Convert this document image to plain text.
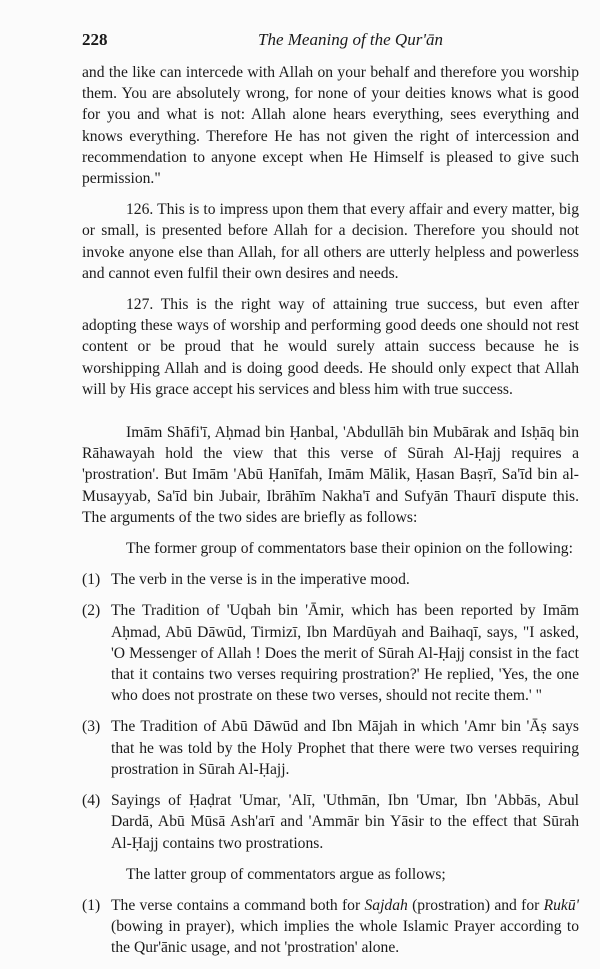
228	The Meaning of the Qur'ān

and the like can intercede with Allah on your behalf and therefore you worship them. You are absolutely wrong, for none of your deities knows what is good for you and what is not: Allah alone hears everything, sees everything and knows everything. Therefore He has not given the right of intercession and recommendation to anyone except when He Himself is pleased to give such permission."

126. This is to impress upon them that every affair and every matter, big or small, is presented before Allah for a decision. Therefore you should not invoke anyone else than Allah, for all others are utterly helpless and powerless and cannot even fulfil their own desires and needs.

127. This is the right way of attaining true success, but even after adopting these ways of worship and performing good deeds one should not rest content or be proud that he would surely attain success because he is worshipping Allah and is doing good deeds. He should only expect that Allah will by His grace accept his services and bless him with true success.

Imām Shāfi'ī, Aḥmad bin Ḥanbal, 'Abdullāh bin Mubārak and Isḥāq bin Rāhawayah hold the view that this verse of Sūrah Al-Ḥajj requires a 'prostration'. But Imām 'Abū Ḥanīfah, Imām Mālik, Ḥasan Baṣrī, Sa'īd bin al-Musayyab, Sa'īd bin Jubair, Ibrāhīm Nakha'ī and Sufyān Thaurī dispute this. The arguments of the two sides are briefly as follows:

The former group of commentators base their opinion on the following:

(1) The verb in the verse is in the imperative mood.
(2) The Tradition of 'Uqbah bin 'Āmir, which has been reported by Imām Aḥmad, Abū Dāwūd, Tirmizī, Ibn Mardūyah and Baihaqī, says, "I asked, 'O Messenger of Allah ! Does the merit of Sūrah Al-Ḥajj consist in the fact that it contains two verses requiring prostration?' He replied, 'Yes, the one who does not prostrate on these two verses, should not recite them.' "
(3) The Tradition of Abū Dāwūd and Ibn Mājah in which 'Amr bin 'Āṣ says that he was told by the Holy Prophet that there were two verses requiring prostration in Sūrah Al-Ḥajj.
(4) Sayings of Ḥaḍrat 'Umar, 'Alī, 'Uthmān, Ibn 'Umar, Ibn 'Abbās, Abul Dardā, Abū Mūsā Ash'arī and 'Ammār bin Yāsir to the effect that Sūrah Al-Ḥajj contains two prostrations.

The latter group of commentators argue as follows;

(1) The verse contains a command both for Sajdah (prostration) and for Rukū' (bowing in prayer), which implies the whole Islamic Prayer according to the Qur'ānic usage, and not 'prostration' alone.
